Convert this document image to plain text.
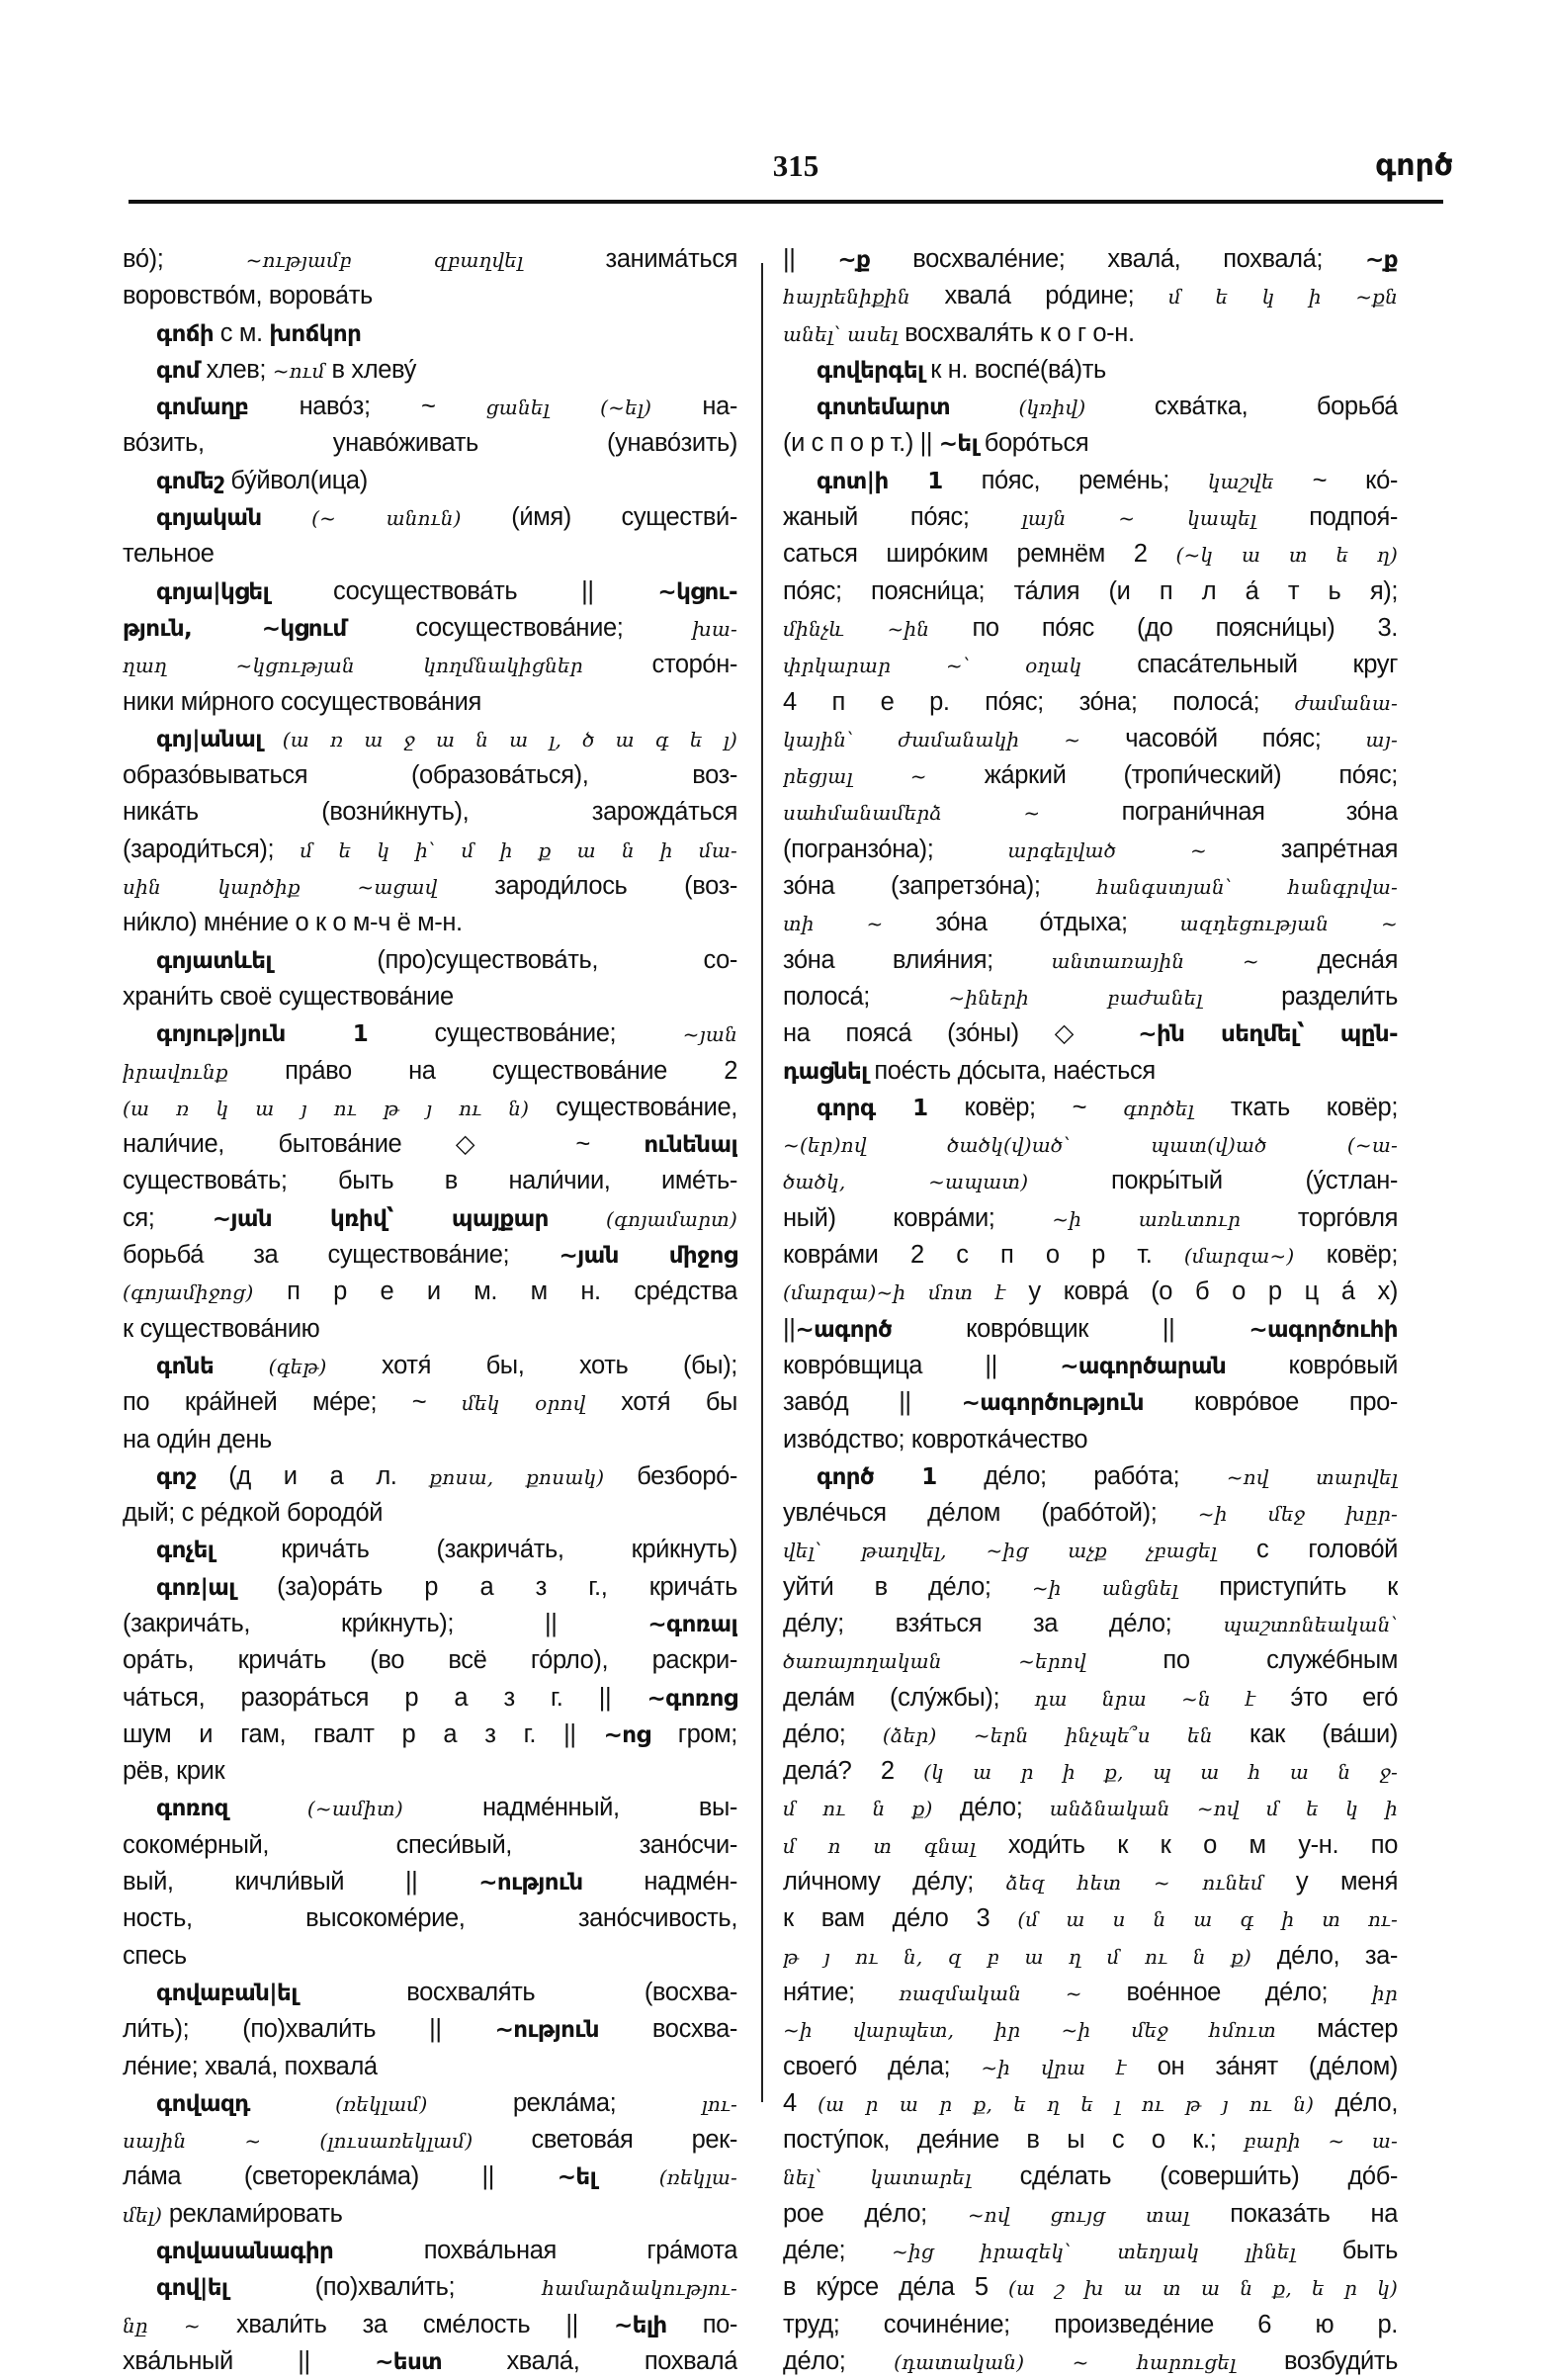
315	գործ
во́); ~ությամբ զբաղվել занима́ться
воровство́м, ворова́ть
գոճի с м. խոճկոր
գոմ хлев; ~ում в хлеву́
գոմաղբ наво́з; ~ ցանել (~ել) на-
во́зить, унаво́живать (унаво́зить)
գոմեշ бу́йвол(ица)
գոյական (~ անուն) (и́мя) существи́-
тельное
գոյա|կցել сосуществова́ть || ~կցու-
թյուն, ~կցում сосуществова́ние; խա-
ղաղ ~կցության կողմնակիցներ сторо́н-
ники ми́рного сосуществова́ния
գոյ|անալ (ա ռ ա ջ ա ն ա լ, ծ ա գ ե լ)
образо́вываться (образова́ться), воз-
ника́ть (возни́кнуть), зарожда́ться
(зароди́ться); մ ե կ ի՝ մ ի ք ա ն ի մա-
սին կարծիք ~ացավ зароди́лось (воз-
ни́кло) мне́ние о к о м-ч ё м-н.
գոյատևել (про)существова́ть, со-
храни́ть своё существова́ние
գոյութ|յուն 1 существова́ние; ~յան
իրավունք пра́во на существова́ние 2
(ա ռ կ ա յ ու թ յ ու ն) существова́ние,
нали́чие, бытова́ние ◇ ~ ունենալ
существова́ть; быть в нали́чии, име́ть-
ся; ~յան կռիվ՝ պայքար (գոյամարտ)
борьба́ за существова́ние; ~յան միջոց
(գոյամիջոց) п р е и м. м н. сре́дства
к существова́нию
գոնե (գեթ) хотя́ бы, хоть (бы);
по кра́йней ме́ре; ~ մեկ օրով хотя́ бы
на оди́н день
գոշ (д и а л. քոսա, քոսակ) безборо́-
дый; с ре́дкой бородо́й
գոչել крича́ть (закрича́ть, кри́кнуть)
գոռ|ալ (за)ора́ть р а з г., крича́ть
(закрича́ть, кри́кнуть); || ~գոռալ
ора́ть, крича́ть (во всё го́рло), раскри-
ча́ться, разора́ться р а з г. || ~գոռոց
шум и гам, гвалт р а з г. || ~ոց гром;
рёв, крик
գոռոզ (~ամիտ) надме́нный, вы-
сокоме́рный, спеси́вый, зано́счи-
вый, кичли́вый || ~ություն надме́н-
ность, высокоме́рие, зано́счивость,
спесь
գովաբան|ել восхваля́ть (восхва-
ли́ть); (по)хвали́ть || ~ություն восхва-
ле́ние; хвала́, похвала́
գովազդ (ռեկլամ) рекла́ма; լու-
սային ~ (լուսառեկլամ) светова́я рек-
ла́ма (светорекла́ма) || ~ել (ռեկլա-
մել) реклами́ровать
գովասանագիր похва́льная гра́мота
գով|ել (по)хвали́ть; համարձակությու-
նը ~ хвали́ть за сме́лость || ~ելի по-
хва́льный || ~եստ хвала́, похвала́
|| ~ք восхвале́ние; хвала́, похвала́; ~ք
հայրենիքին хвала́ ро́дине; մ ե կ ի ~քն
անել՝ ասել восхваля́ть к о г о-н.
գովերգել к н. воспе́(ва́)ть
գոտեմարտ (կռիվ) схва́тка, борьба́
(и с п о р т.) || ~ել боро́ться
գոտ|ի 1 по́яс, реме́нь; կաշվե ~ ко́-
жаный по́яс; լայն ~ կապել подпоя́-
саться широ́ким ремнём 2 (~կ ա տ ե ղ)
по́яс; поясни́ца; та́лия (и п л а́ т ь я);
մինչև ~ին по по́яс (до поясни́цы) 3.
փրկարար ~՝ օղակ спаса́тельный круг
4 п е р. по́яс; зо́на; полоса́; ժամանա-
կային՝ ժամանակի ~ часово́й по́яс; այ-
րեցյալ ~ жа́ркий (тропи́ческий) по́яс;
սահմանամերձ ~ пограни́чная зо́на
(погранзо́на); արգելված ~ запре́тная
зо́на (запретзо́на); հանգստյան՝ հանգրվա-
տի ~ зо́на о́тдыха; ազդեցության ~
зо́на влия́ния; անտառային ~ десна́я
полоса́; ~իների բաժանել раздели́ть
на пояса́ (зо́ны) ◇ ~ին սեղմել՝ պըն-
դացնել пое́сть до́сыта, нае́сться
գորգ 1 ковёр; ~ գործել ткать ковёр;
~(եր)ով ծածկ(վ)ած՝ պատ(վ)ած (~ա-
ծածկ, ~ապատ) покры́тый (у́стлан-
ный) ковра́ми; ~ի առևտուր торго́вля
ковра́ми 2 с п о р т. (մարզա~) ковёр;
(մարզա)~ի մոտ է у ковра́ (о б о р ц а́ х)
||~ագործ ковро́вщик || ~ագործուհի
ковро́вщица || ~ագործարան ковро́вый
заво́д || ~ագործություն ковро́вое про-
изво́дство; ковротка́чество
գործ 1 де́ло; рабо́та; ~ով տարվել
увле́чься де́лом (рабо́той); ~ի մեջ խըր-
վել՝ թաղվել, ~ից աչք չբացել с голово́й
уйти́ в де́ло; ~ի անցնել приступи́ть к
де́лу; взя́ться за де́ло; պաշտոնեական՝
ծառայողական ~երով по служе́бным
дела́м (слу́жбы); դա նրա ~ն է э́то его́
де́ло; (ձեր) ~երն ինչպե՞ս են как (ва́ши)
дела́? 2 (կ ա ր ի ք, պ ա հ ա ն ջ-
մ ու ն ք) де́ло; անձնական ~ով մ ե կ ի
մ ո տ գնալ ходи́ть к к о м у-н. по
ли́чному де́лу; ձեզ հետ ~ ունեմ у меня́
к вам де́ло 3 (մ ա ս ն ա գ ի տ ու-
թ յ ու ն, զ բ ա ղ մ ու ն ք) де́ло, за-
ня́тие; ռազմական ~ вое́нное де́ло; իր
~ի վարպետ, իր ~ի մեջ հմուտ ма́стер
своего́ де́ла; ~ի վրա է он за́нят (де́лом)
4 (ա ր ա ր ք, ե ղ ե լ ու թ յ ու ն) де́ло,
посту́пок, дея́ние в ы с о к.; բարի ~ ա-
նել՝ կատարել сде́лать (соверши́ть) до́б-
рое де́ло; ~ով ցույց տալ показа́ть на
де́ле; ~ից իրազեկ՝ տեղյակ լինել быть
в ку́рсе де́ла 5 (ա շ խ ա տ ա ն ք, ե ր կ)
труд; сочине́ние; произведе́ние 6 ю р.
де́ло; (դատական) ~ հարուցել возбуди́ть
